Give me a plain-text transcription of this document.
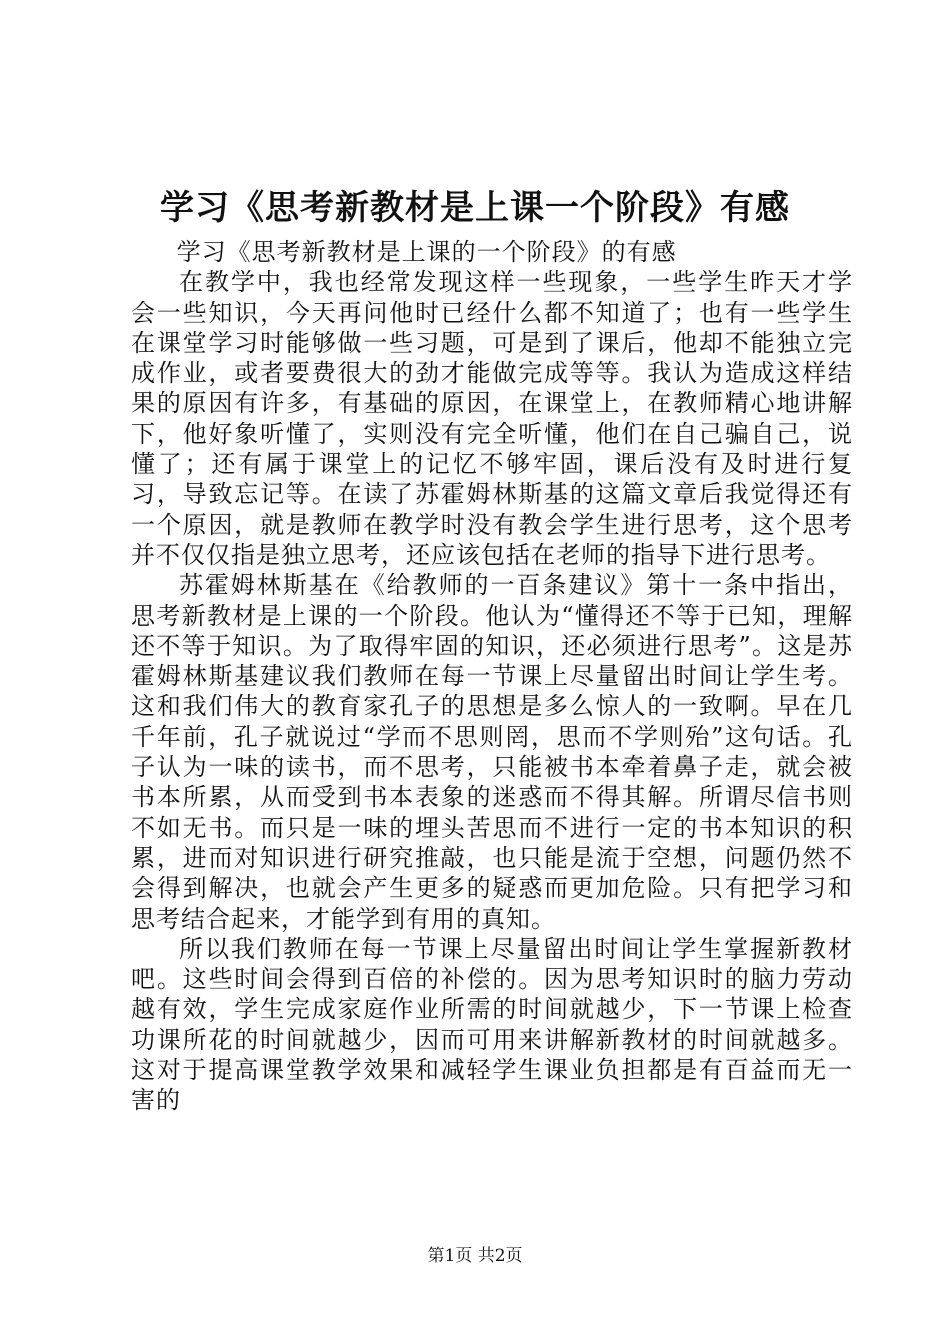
学习《思考新教材是上课一个阶段》有感

学习《思考新教材是上课的一个阶段》的有感

在教学中，我也经常发现这样一些现象，一些学生昨天才学会一些知识，今天再问他时已经什么都不知道了；也有一些学生在课堂学习时能够做一些习题，可是到了课后，他却不能独立完成作业，或者要费很大的劲才能做完成等等。我认为造成这样结果的原因有许多，有基础的原因，在课堂上，在教师精心地讲解下，他好象听懂了，实则没有完全听懂，他们在自己骗自己，说懂了；还有属于课堂上的记忆不够牢固，课后没有及时进行复习，导致忘记等。在读了苏霍姆林斯基的这篇文章后我觉得还有一个原因，就是教师在教学时没有教会学生进行思考，这个思考并不仅仅指是独立思考，还应该包括在老师的指导下进行思考。

苏霍姆林斯基在《给教师的一百条建议》第十一条中指出，思考新教材是上课的一个阶段。他认为“懂得还不等于已知，理解还不等于知识。为了取得牢固的知识，还必须进行思考”。这是苏霍姆林斯基建议我们教师在每一节课上尽量留出时间让学生考。这和我们伟大的教育家孔子的思想是多么惊人的一致啊。早在几千年前，孔子就说过“学而不思则罔，思而不学则殆”这句话。孔子认为一味的读书，而不思考，只能被书本牵着鼻子走，就会被书本所累，从而受到书本表象的迷惑而不得其解。所谓尽信书则不如无书。而只是一味的埋头苦思而不进行一定的书本知识的积累，进而对知识进行研究推敲，也只能是流于空想，问题仍然不会得到解决，也就会产生更多的疑惑而更加危险。只有把学习和思考结合起来，才能学到有用的真知。

所以我们教师在每一节课上尽量留出时间让学生掌握新教材吧。这些时间会得到百倍的补偿的。因为思考知识时的脑力劳动越有效，学生完成家庭作业所需的时间就越少，下一节课上检查功课所花的时间就越少，因而可用来讲解新教材的时间就越多。这对于提高课堂教学效果和减轻学生课业负担都是有百益而无一害的

第1页 共2页
